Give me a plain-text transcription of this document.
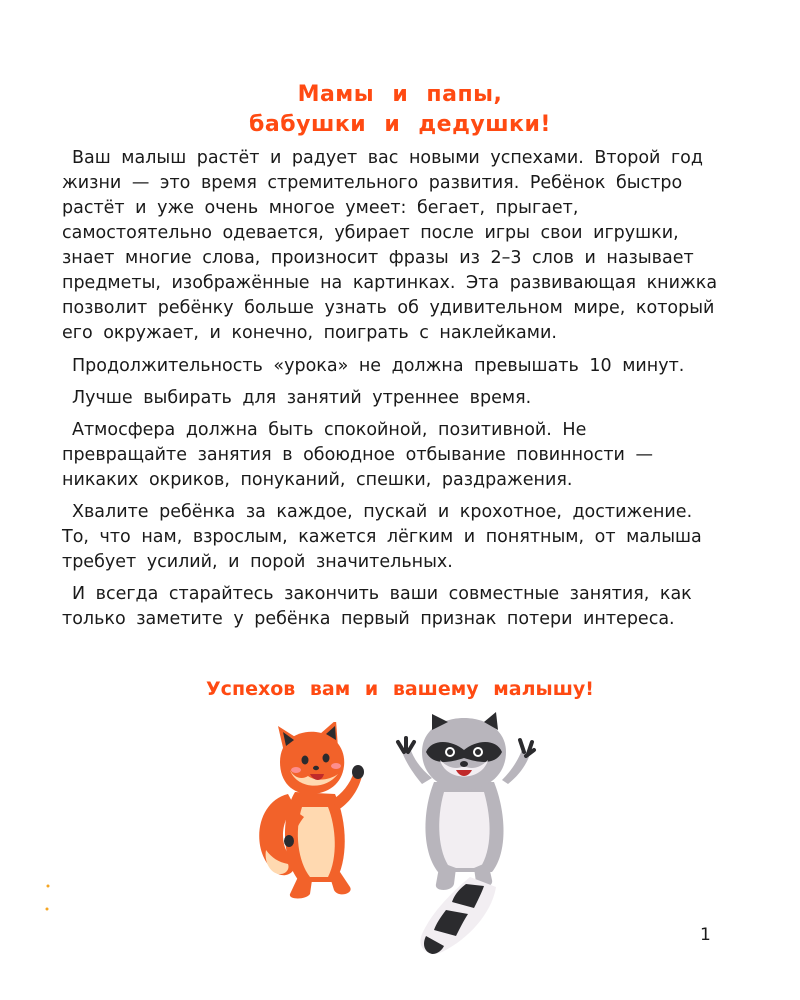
Мамы и папы,
бабушки и дедушки!

Ваш малыш растёт и радует вас новыми успехами. Второй год жизни — это время стремительного развития. Ребёнок быстро растёт и уже очень многое умеет: бегает, прыгает, самостоятельно одевается, убирает после игры свои игрушки, знает многие слова, произносит фразы из 2–3 слов и называет предметы, изображённые на картинках. Эта развивающая книжка позволит ребёнку больше узнать об удивительном мире, который его окружает, и конечно, поиграть с наклейками.

Продолжительность «урока» не должна превышать 10 минут.

Лучше выбирать для занятий утреннее время.

Атмосфера должна быть спокойной, позитивной. Не превращайте занятия в обоюдное отбывание повинности — никаких окриков, понуканий, спешки, раздражения.

Хвалите ребёнка за каждое, пускай и крохотное, достижение. То, что нам, взрослым, кажется лёгким и понятным, от малыша требует усилий, и порой значительных.

И всегда старайтесь закончить ваши совместные занятия, как только заметите у ребёнка первый признак потери интереса.

Успехов вам и вашему малышу!
1
